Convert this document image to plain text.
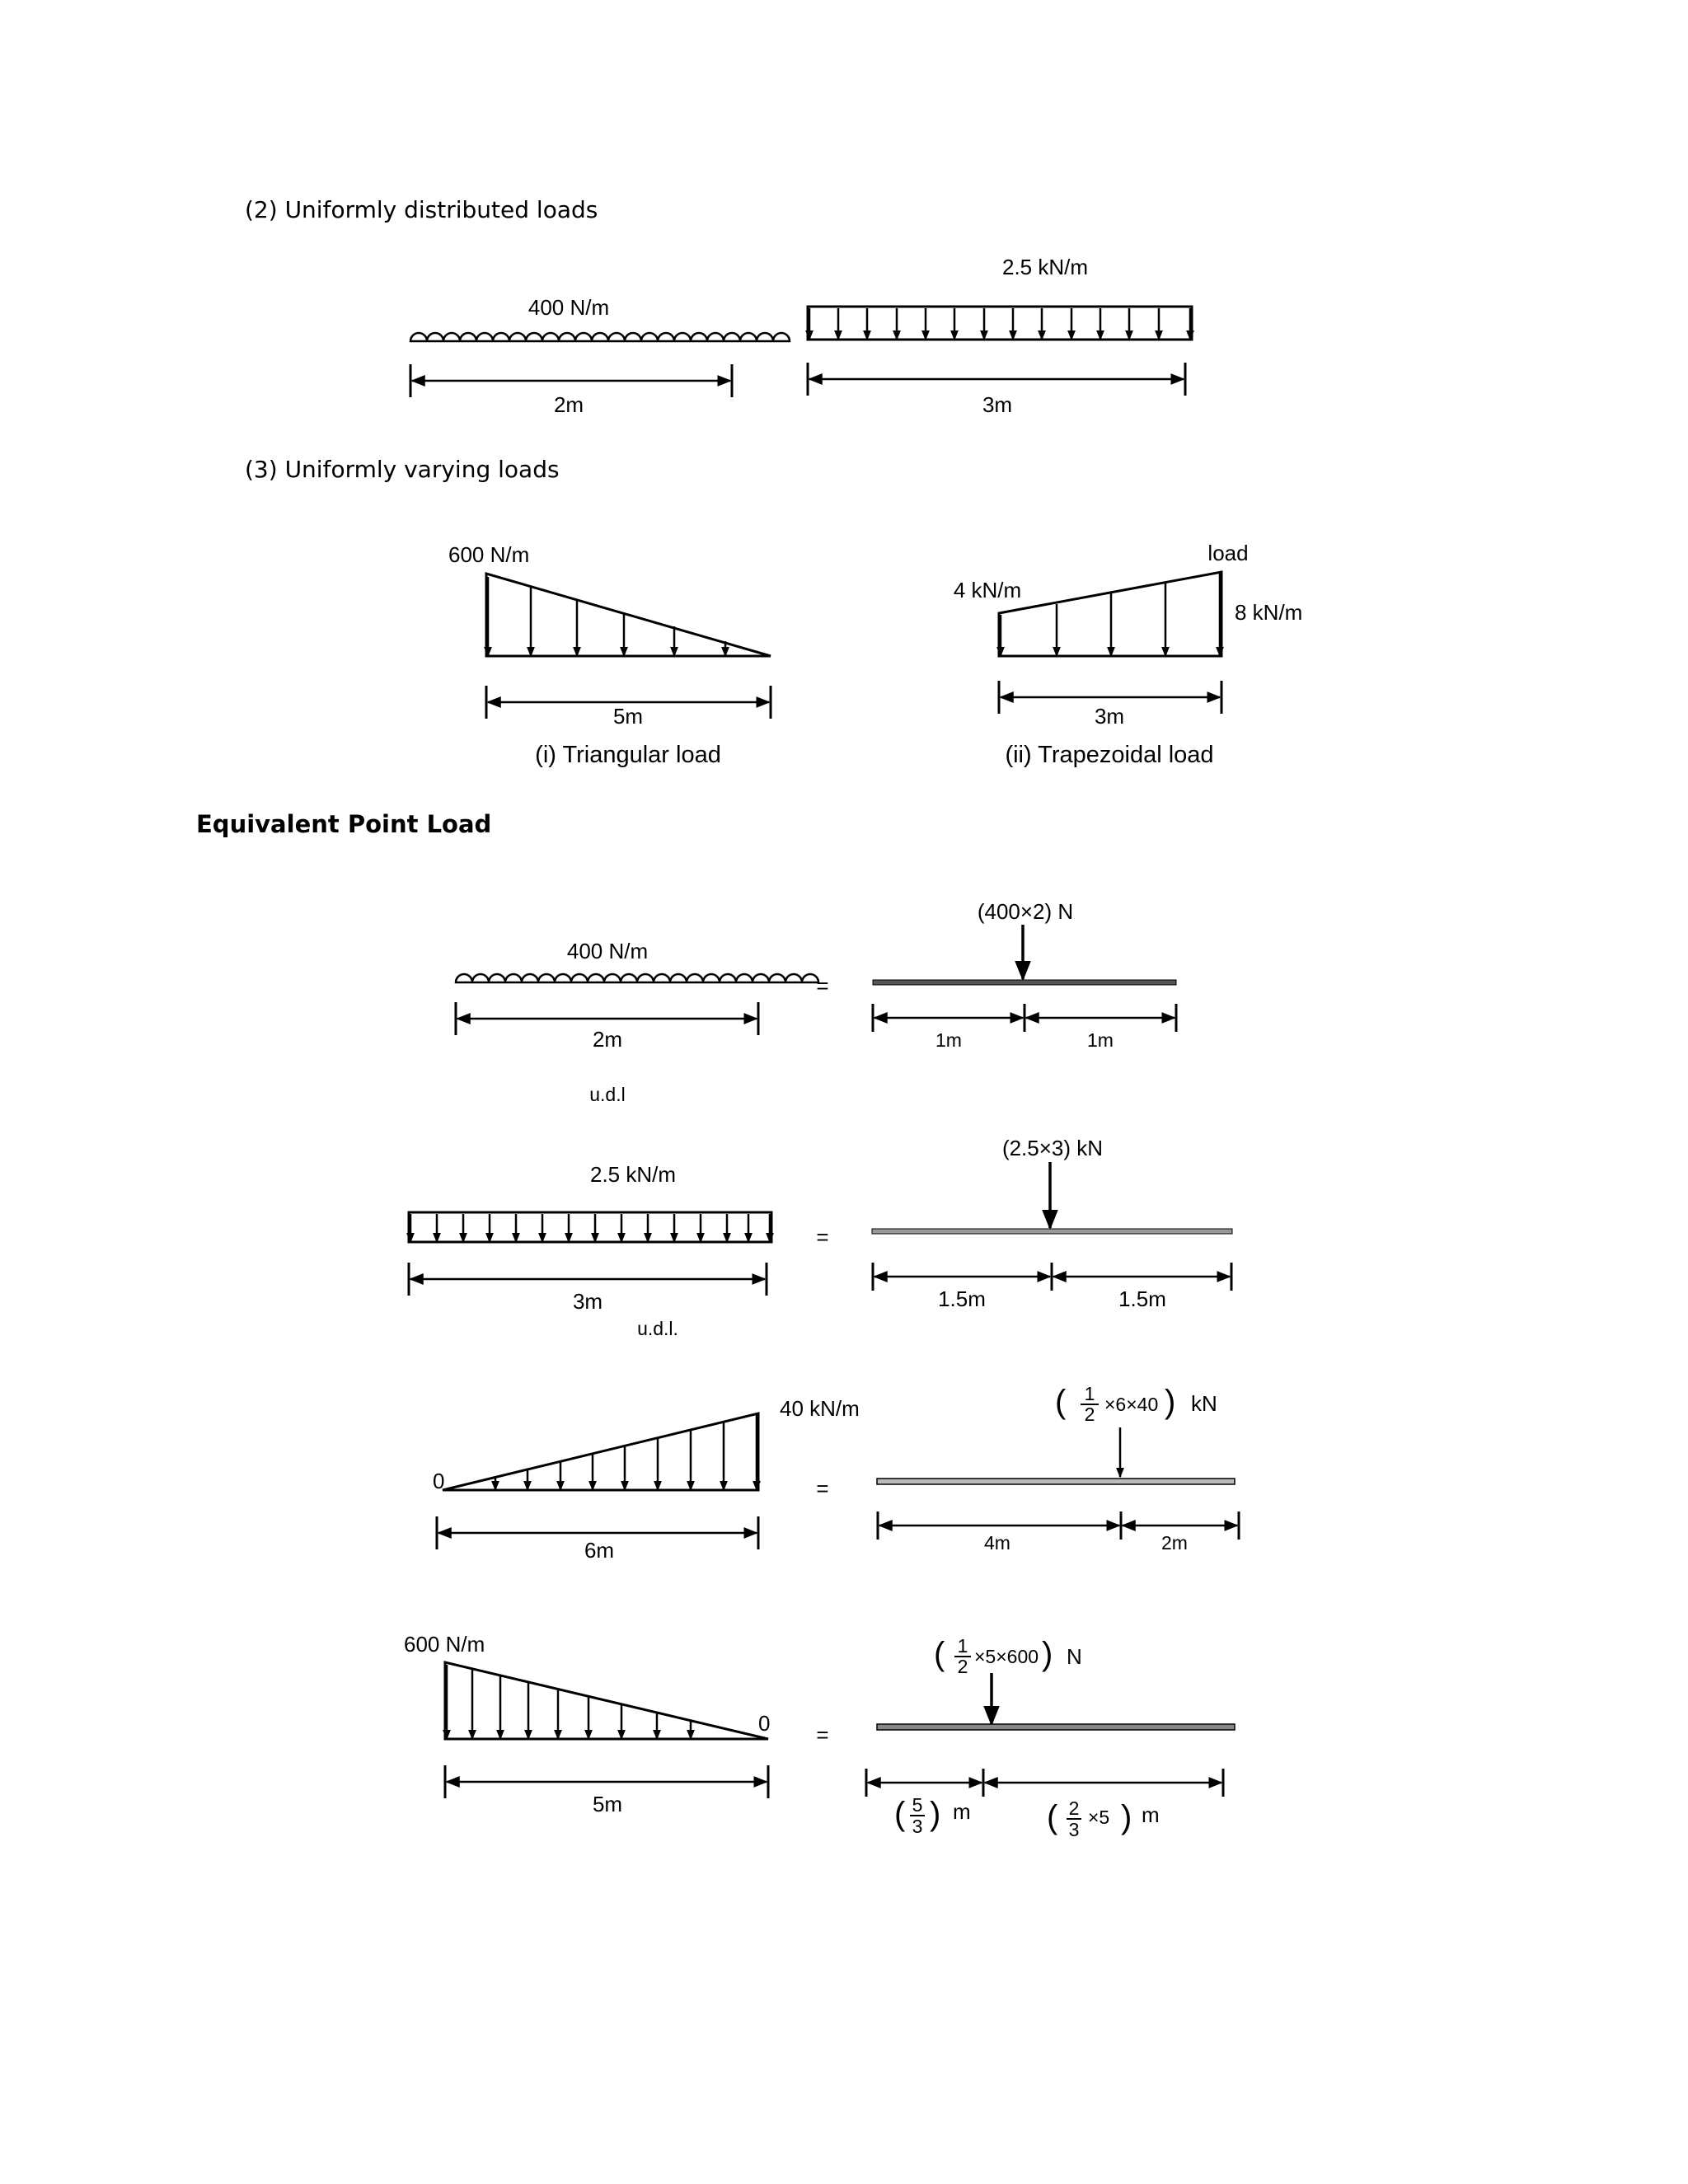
(2) Uniformly distributed loads
(3) Uniformly varying loads
Equivalent Point Load
400 N/m
2m
2.5 kN/m
3m
600 N/m
5m
(i) Triangular load
load
4 kN/m
8 kN/m
3m
(ii) Trapezoidal load
400 N/m
2m
u.d.l
=
(400×2) N
1m	1m
2.5 kN/m
3m
u.d.l.
=
(2.5×3) kN
1.5m	1.5m
0
40 kN/m
6m
=
( 1
2 ×6×40 ) kN
4m	2m
600 N/m
0
5m
=
( 1
2 ×5×600 ) N
( 5
3 ) m ( 2
3
×5 ) m
